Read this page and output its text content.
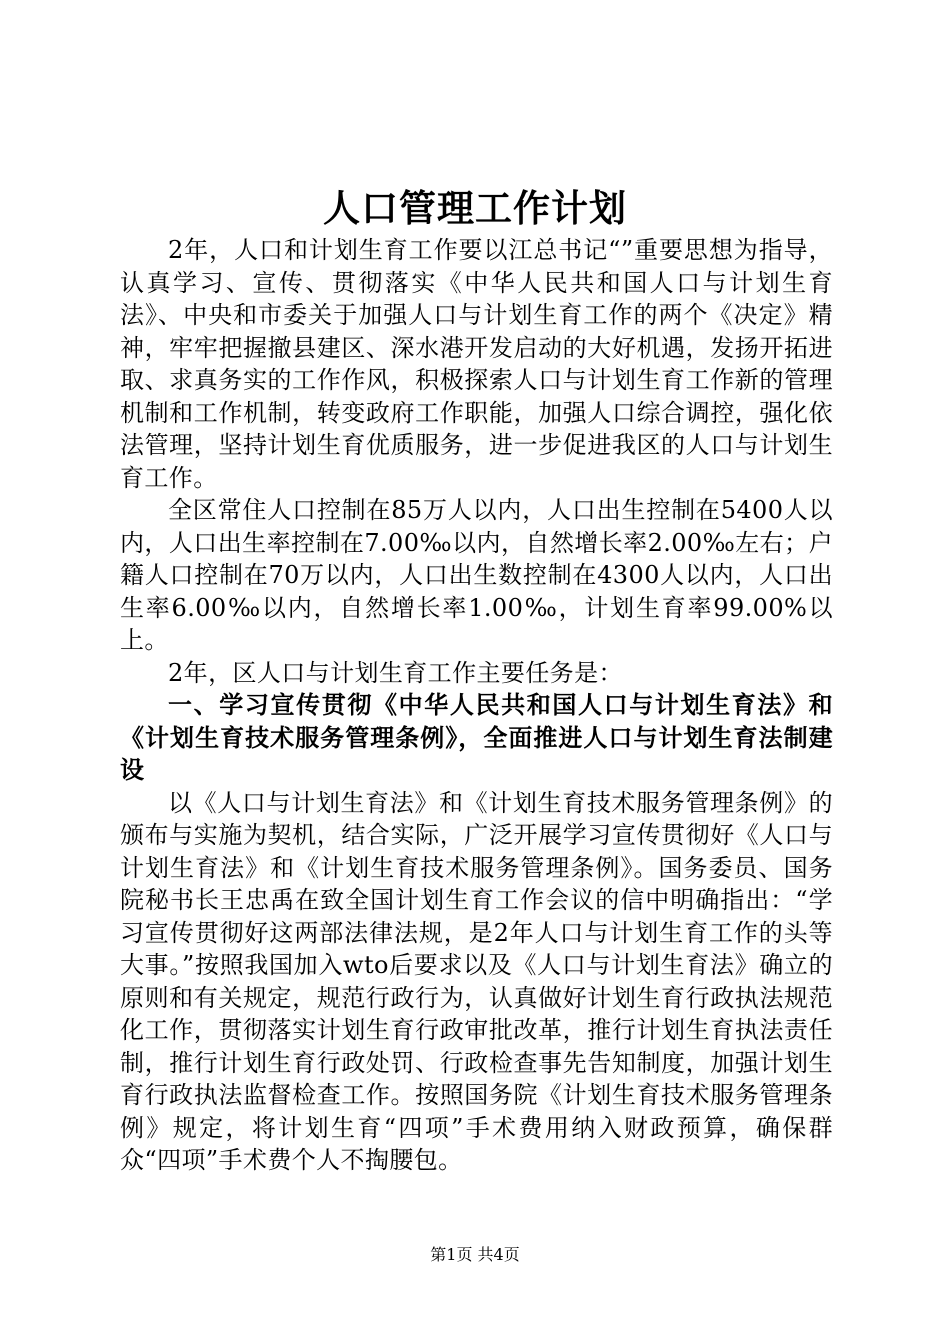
人口管理工作计划

2年，人口和计划生育工作要以江总书记“”重要思想为指导，认真学习、宣传、贯彻落实《中华人民共和国人口与计划生育法》、中央和市委关于加强人口与计划生育工作的两个《决定》精神，牢牢把握撤县建区、深水港开发启动的大好机遇，发扬开拓进取、求真务实的工作作风，积极探索人口与计划生育工作新的管理机制和工作机制，转变政府工作职能，加强人口综合调控，强化依法管理，坚持计划生育优质服务，进一步促进我区的人口与计划生育工作。

全区常住人口控制在85万人以内，人口出生控制在5400人以内，人口出生率控制在7.00‰以内，自然增长率2.00‰左右；户籍人口控制在70万以内，人口出生数控制在4300人以内，人口出生率6.00‰以内，自然增长率1.00‰，计划生育率99.00%以上。

2年，区人口与计划生育工作主要任务是：

一、学习宣传贯彻《中华人民共和国人口与计划生育法》和《计划生育技术服务管理条例》，全面推进人口与计划生育法制建设

以《人口与计划生育法》和《计划生育技术服务管理条例》的颁布与实施为契机，结合实际，广泛开展学习宣传贯彻好《人口与计划生育法》和《计划生育技术服务管理条例》。国务委员、国务院秘书长王忠禹在致全国计划生育工作会议的信中明确指出：“学习宣传贯彻好这两部法律法规，是2年人口与计划生育工作的头等大事。”按照我国加入wto后要求以及《人口与计划生育法》确立的原则和有关规定，规范行政行为，认真做好计划生育行政执法规范化工作，贯彻落实计划生育行政审批改革，推行计划生育执法责任制，推行计划生育行政处罚、行政检查事先告知制度，加强计划生育行政执法监督检查工作。按照国务院《计划生育技术服务管理条例》规定，将计划生育“四项”手术费用纳入财政预算，确保群众“四项”手术费个人不掏腰包。

第1页 共4页
